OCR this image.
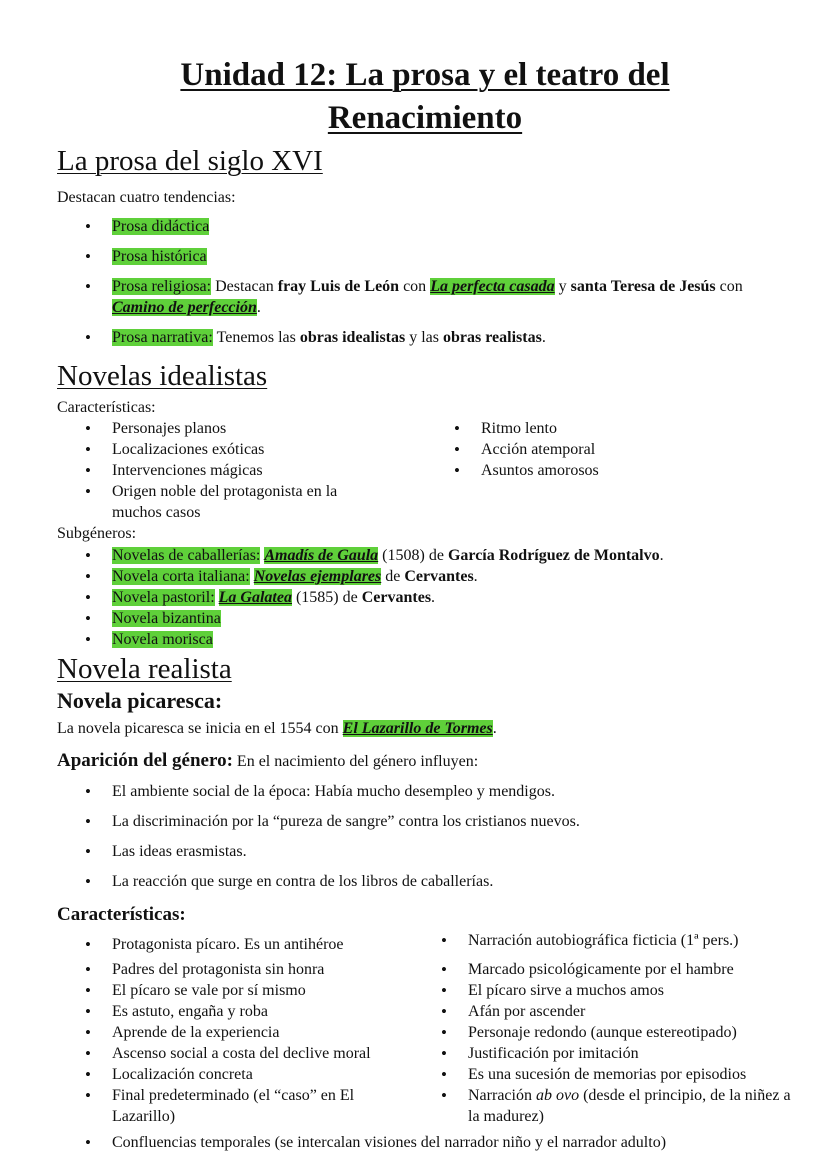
Unidad 12: La prosa y el teatro del
Renacimiento
La prosa del siglo XVI
Destacan cuatro tendencias:
• Prosa didáctica
• Prosa histórica
• Prosa religiosa: Destacan fray Luis de León con La perfecta casada y santa Teresa de Jesús con Camino de perfección.
• Prosa narrativa: Tenemos las obras idealistas y las obras realistas.
Novelas idealistas
Características:
• Personajes planos
• Localizaciones exóticas
• Intervenciones mágicas
• Origen noble del protagonista en la muchos casos
• Ritmo lento
• Acción atemporal
• Asuntos amorosos
Subgéneros:
• Novelas de caballerías: Amadís de Gaula (1508) de García Rodríguez de Montalvo.
• Novela corta italiana: Novelas ejemplares de Cervantes.
• Novela pastoril: La Galatea (1585) de Cervantes.
• Novela bizantina
• Novela morisca
Novela realista
Novela picaresca:
La novela picaresca se inicia en el 1554 con El Lazarillo de Tormes.
Aparición del género: En el nacimiento del género influyen:
• El ambiente social de la época: Había mucho desempleo y mendigos.
• La discriminación por la “pureza de sangre” contra los cristianos nuevos.
• Las ideas erasmistas.
• La reacción que surge en contra de los libros de caballerías.
Características:
• Protagonista pícaro. Es un antihéroe
• Padres del protagonista sin honra
• El pícaro se vale por sí mismo
• Es astuto, engaña y roba
• Aprende de la experiencia
• Ascenso social a costa del declive moral
• Localización concreta
• Final predeterminado (el “caso” en El Lazarillo)
• Narración autobiográfica ficticia (1ª pers.)
• Marcado psicológicamente por el hambre
• El pícaro sirve a muchos amos
• Afán por ascender
• Personaje redondo (aunque estereotipado)
• Justificación por imitación
• Es una sucesión de memorias por episodios
• Narración ab ovo (desde el principio, de la niñez a la madurez)
• Confluencias temporales (se intercalan visiones del narrador niño y el narrador adulto)
